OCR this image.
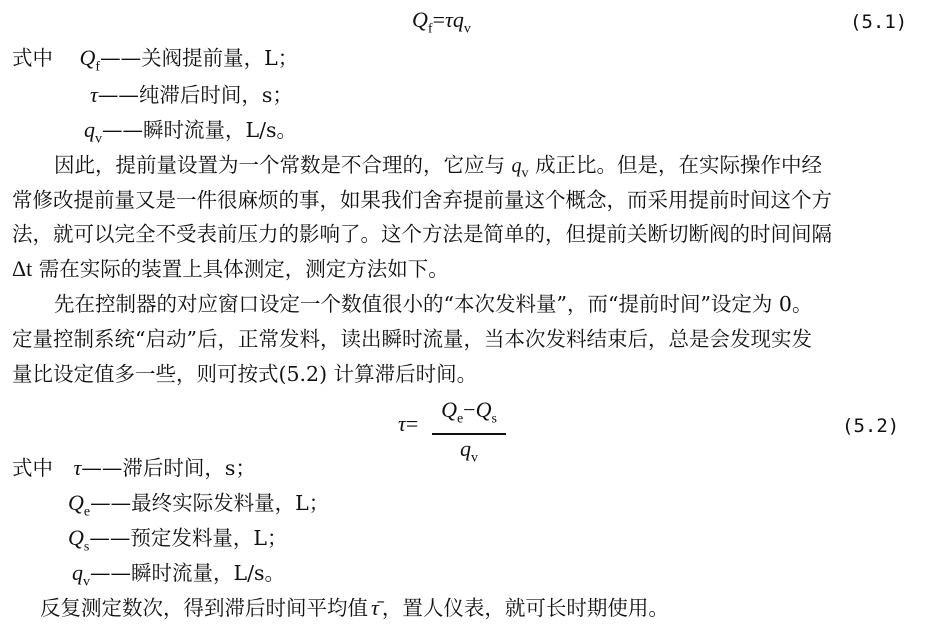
$Q_f=\tau q_v$	(5.1)
式中 $Q_f——$关阀提前量，L；
τ——纯滞后时间，s；
$q_v——$瞬时流量，L/s。
因此，提前量设置为一个常数是不合理的，它应与 $q_v$ 成正比。但是，在实际操作中经
常修改提前量又是一件很麻烦的事，如果我们舍弃提前量这个概念，而采用提前时间这个方
法，就可以完全不受表前压力的影响了。这个方法是简单的，但提前关断切断阀的时间间隔
Δt 需在实际的装置上具体测定，测定方法如下。
先在控制器的对应窗口设定一个数值很小的“本次发料量”，而“提前时间”设定为 0。
定量控制系统“启动”后，正常发料，读出瞬时流量，当本次发料结束后，总是会发现实发
量比设定值多一些，则可按式(5.2) 计算滞后时间。
τ=
$Q_e-Q_s$
$q_v$
(5.2)
式中 τ——滞后时间，s；
$Q_e——$最终实际发料量，L；
$Q_s——$预定发料量，L；
$q_v——$瞬时流量，L/s。
反复测定数次，得到滞后时间平均值 τ̄ ，置人仪表，就可长时期使用。
